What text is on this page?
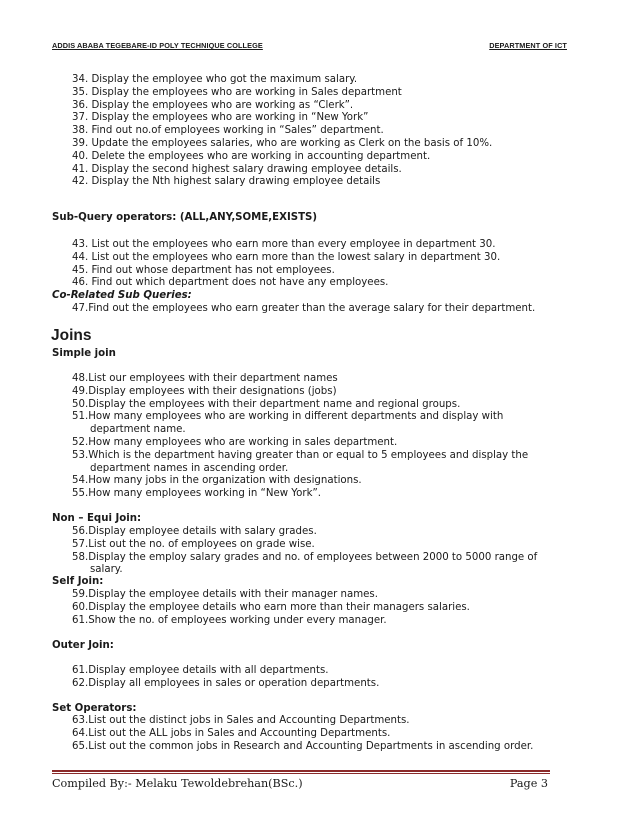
ADDIS ABABA TEGEBARE-ID POLY TECHNIQUE COLLEGE	DEPARTMENT OF ICT
34. Display the employee who got the maximum salary.
35. Display the employees who are working in Sales department
36. Display the employees who are working as “Clerk”.
37. Display the employees who are working in “New York”
38. Find out no.of employees working in “Sales” department.
39. Update the employees salaries, who are working as Clerk on the basis of 10%.
40. Delete the employees who are working in accounting department.
41. Display the second highest salary drawing employee details.
42. Display the Nth highest salary drawing employee details
Sub-Query operators: (ALL,ANY,SOME,EXISTS)
43. List out the employees who earn more than every employee in department 30.
44. List out the employees who earn more than the lowest salary in department 30.
45. Find out whose department has not employees.
46. Find out which department does not have any employees.
Co-Related Sub Queries:
47.Find out the employees who earn greater than the average salary for their department.
Joins
Simple join
48.List our employees with their department names
49.Display employees with their designations (jobs)
50.Display the employees with their department name and regional groups.
51.How many employees who are working in different departments and display with
department name.
52.How many employees who are working in sales department.
53.Which is the department having greater than or equal to 5 employees and display the
department names in ascending order.
54.How many jobs in the organization with designations.
55.How many employees working in “New York”.
Non – Equi Join:
56.Display employee details with salary grades.
57.List out the no. of employees on grade wise.
58.Display the employ salary grades and no. of employees between 2000 to 5000 range of
salary.
Self Join:
59.Display the employee details with their manager names.
60.Display the employee details who earn more than their managers salaries.
61.Show the no. of employees working under every manager.
Outer Join:
61.Display employee details with all departments.
62.Display all employees in sales or operation departments.
Set Operators:
63.List out the distinct jobs in Sales and Accounting Departments.
64.List out the ALL jobs in Sales and Accounting Departments.
65.List out the common jobs in Research and Accounting Departments in ascending order.
Compiled By:- Melaku Tewoldebrehan(BSc.)	Page 3
